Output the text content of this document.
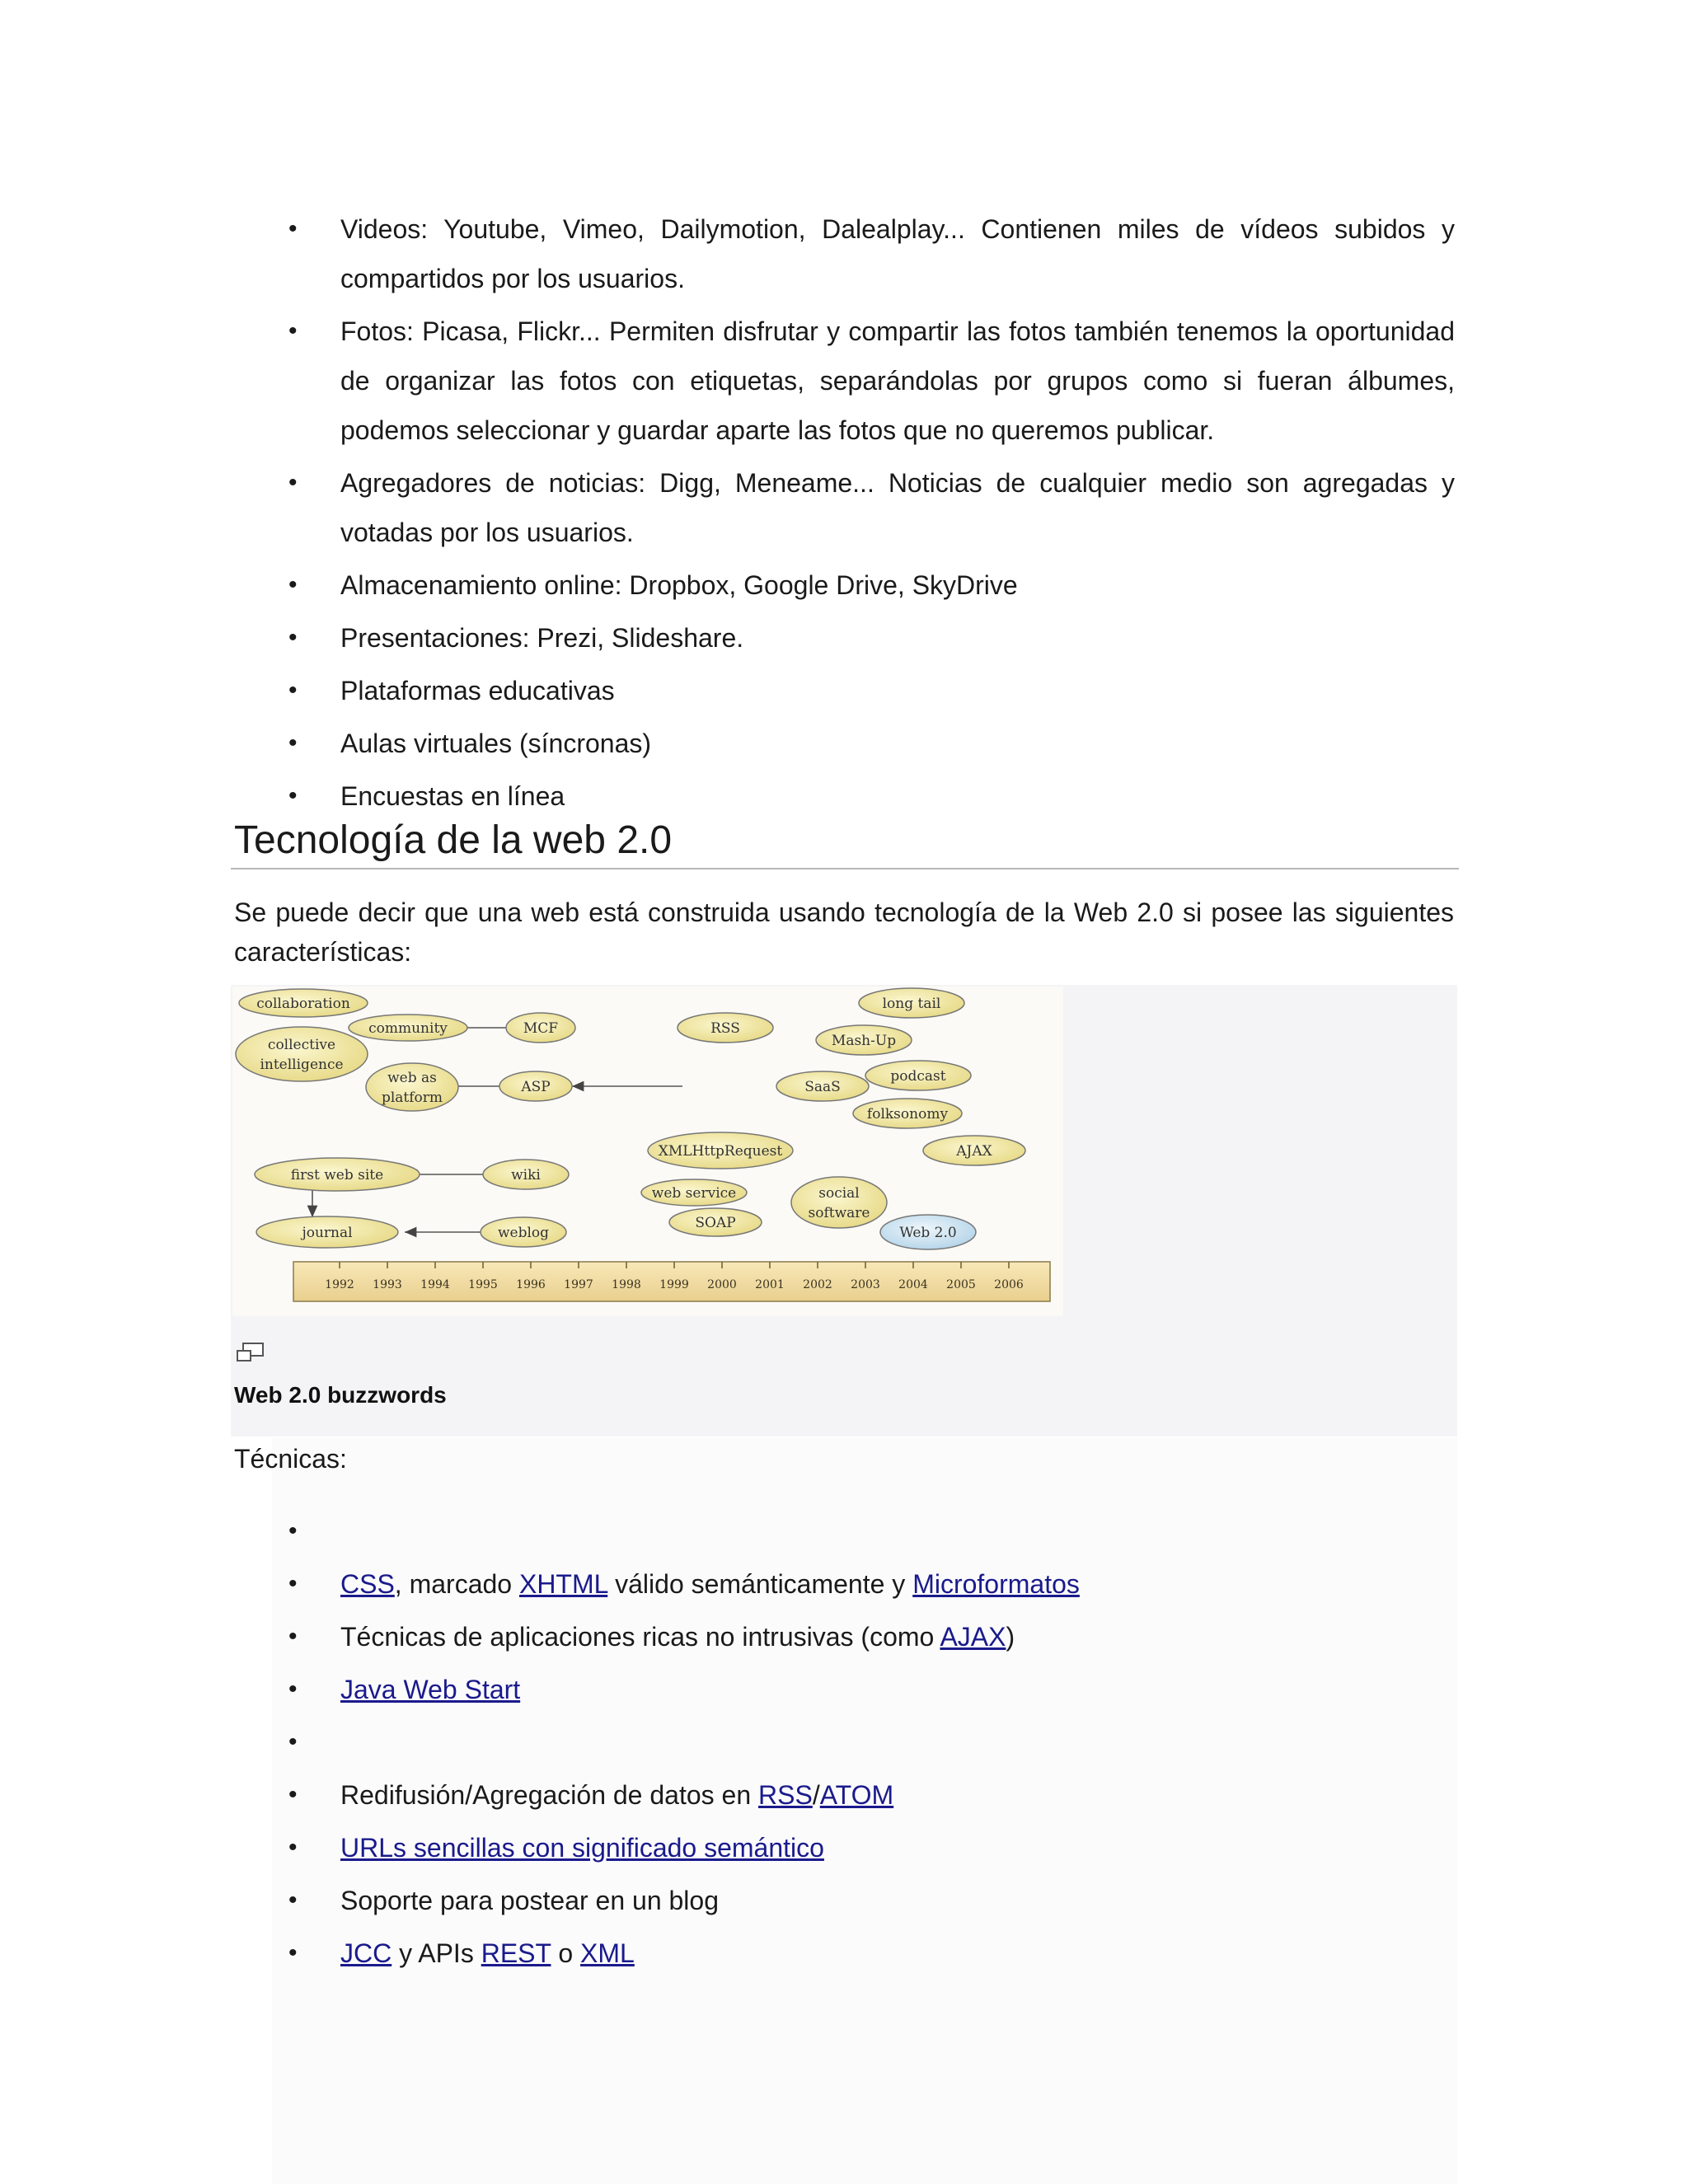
• Videos: Youtube, Vimeo, Dailymotion, Dalealplay... Contienen miles de vídeos subidos y compartidos por los usuarios.
• Fotos: Picasa, Flickr... Permiten disfrutar y compartir las fotos también tenemos la oportunidad de organizar las fotos con etiquetas, separándolas por grupos como si fueran álbumes, podemos seleccionar y guardar aparte las fotos que no queremos publicar.
• Agregadores de noticias: Digg, Meneame... Noticias de cualquier medio son agregadas y votadas por los usuarios.
• Almacenamiento online: Dropbox, Google Drive, SkyDrive
• Presentaciones: Prezi, Slideshare.
• Plataformas educativas
• Aulas virtuales (síncronas)
• Encuestas en línea
Tecnología de la web 2.0
Se puede decir que una web está construida usando tecnología de la Web 2.0 si posee las siguientes características:
collaboration
community
collective
intelligence
MCF	RSS
long tail
Mash-Up
web as
platform
ASP	SaaS
podcast
folksonomy
XMLHttpRequest	AJAX
first web site	wiki
web service	social
software
SOAP
Web 2.0
journal	weblog
1992 1993 1994 1995 1996 1997 1998 1999 2000 2001 2002 2003 2004 2005 2006
Web 2.0 buzzwords
Técnicas:
•
• CSS, marcado XHTML válido semánticamente y Microformatos
• Técnicas de aplicaciones ricas no intrusivas (como AJAX)
• Java Web Start
•
• Redifusión/Agregación de datos en RSS/ATOM
• URLs sencillas con significado semántico
• Soporte para postear en un blog
• JCC y APIs REST o XML
